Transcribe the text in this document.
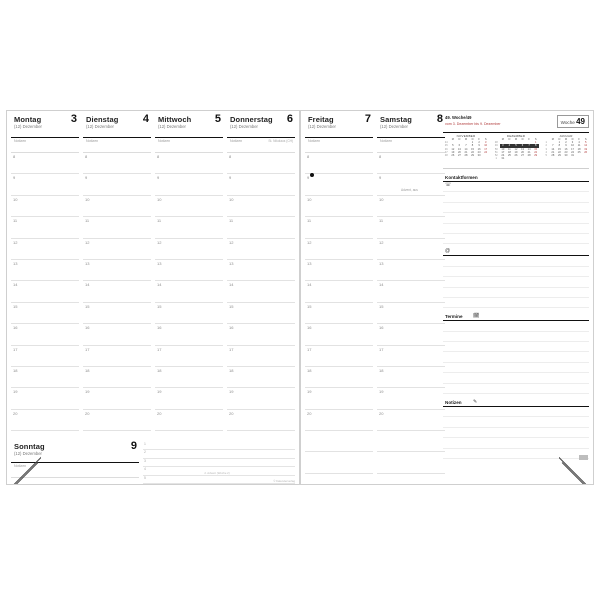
Montag
(12) Dezember
3
Notizen
8
9
10
11
12
13
14
15
16
17
18
19
20
Dienstag
(12) Dezember
4
Notizen
8
9
10
11
12
13
14
15
16
17
18
19
20
Mittwoch
(12) Dezember
5
Notizen
8
9
10
11
12
13
14
15
16
17
18
19
20
Donnerstag
(12) Dezember
6
Notizen	St. Nikolaus (CH)
8
9
10
11
12
13
14
15
16
17
18
19
20
Sonntag
(12) Dezember
9
Notizen
1
2
3
4
5
2. Advent (Woche 2)
© Kalenderverlag
Freitag
(12) Dezember
7
Notizen
8
9
10
11
12
13
14
15
16
17
18
19
20
Samstag
(12) Dezember
8
Notizen
8
9
10
11
12
13
14
15
16
17
18
19
20
Advent, aus
49. Woche/49
vom 3. Dezember bis 9. Dezember	Woche 49
NOVEMBER
	M	D	M	D	F	S
44				1	2	3
45	5	6	7	8	9	10
46	12	13	14	15	16	17
47	19	20	21	22	23	24
48	26	27	28	29	30	
DEZEMBER
	M	D	M	D	F	S
48						1
49	3	4	5	6	7	8
50	10	11	12	13	14	15
51	17	18	19	20	21	22
52	24	25	26	27	28	29
1	31					
JANUAR
	M	D	M	D	F	S
1		1	2	3	4	5
2	7	8	9	10	11	12
3	14	15	16	17	18	19
4	21	22	23	24	25	26
5	28	29	30	31		
Kontaktformen
☏
@
Termine 🗓
Notizen ✎
